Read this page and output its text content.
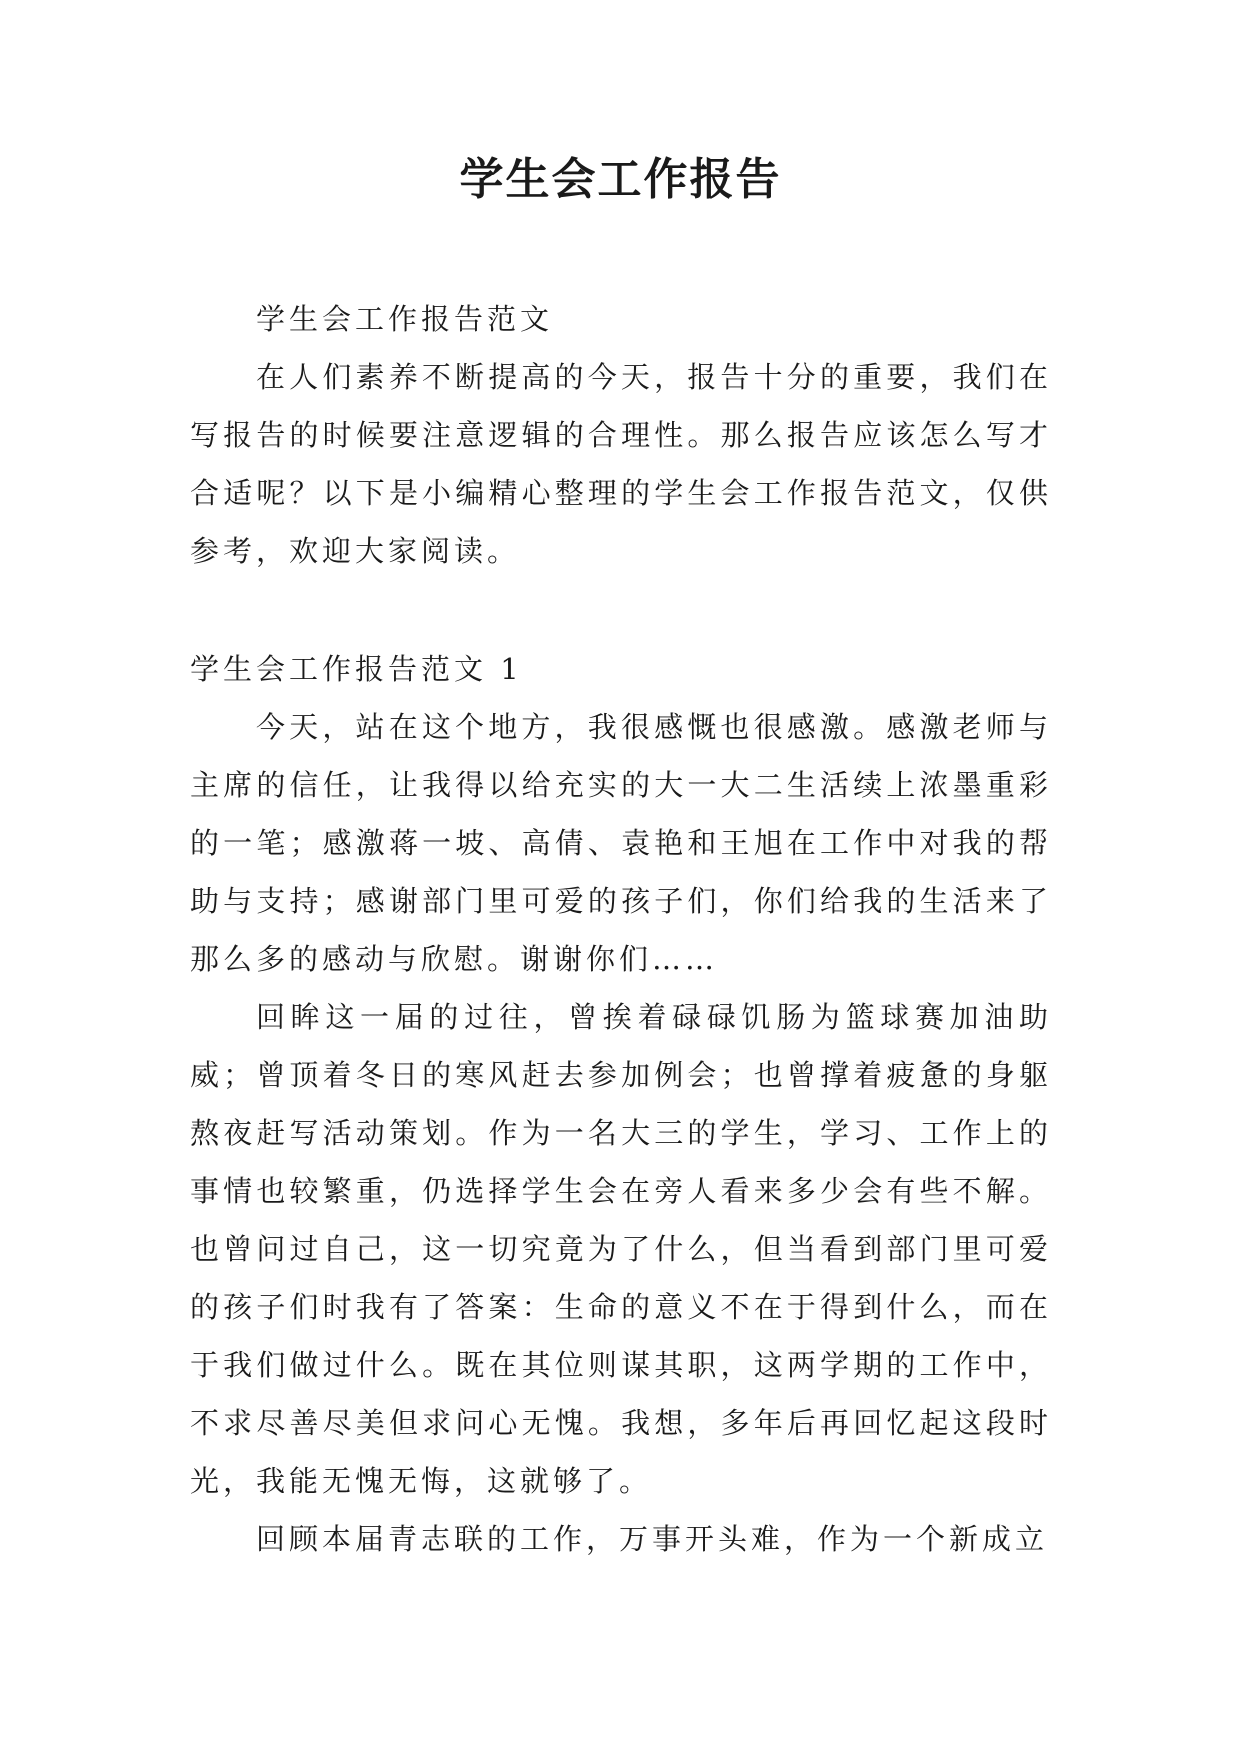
学生会工作报告

学生会工作报告范文

在人们素养不断提高的今天，报告十分的重要，我们在写报告的时候要注意逻辑的合理性。那么报告应该怎么写才合适呢？以下是小编精心整理的学生会工作报告范文，仅供参考，欢迎大家阅读。

学生会工作报告范文 1

今天，站在这个地方，我很感慨也很感激。感激老师与主席的信任，让我得以给充实的大一大二生活续上浓墨重彩的一笔；感激蒋一坡、高倩、袁艳和王旭在工作中对我的帮助与支持；感谢部门里可爱的孩子们，你们给我的生活来了那么多的感动与欣慰。谢谢你们……

回眸这一届的过往，曾挨着碌碌饥肠为篮球赛加油助威；曾顶着冬日的寒风赶去参加例会；也曾撑着疲惫的身躯熬夜赶写活动策划。作为一名大三的学生，学习、工作上的事情也较繁重，仍选择学生会在旁人看来多少会有些不解。也曾问过自己，这一切究竟为了什么，但当看到部门里可爱的孩子们时我有了答案：生命的意义不在于得到什么，而在于我们做过什么。既在其位则谋其职，这两学期的工作中，不求尽善尽美但求问心无愧。我想，多年后再回忆起这段时光，我能无愧无悔，这就够了。

回顾本届青志联的工作，万事开头难，作为一个新成立
